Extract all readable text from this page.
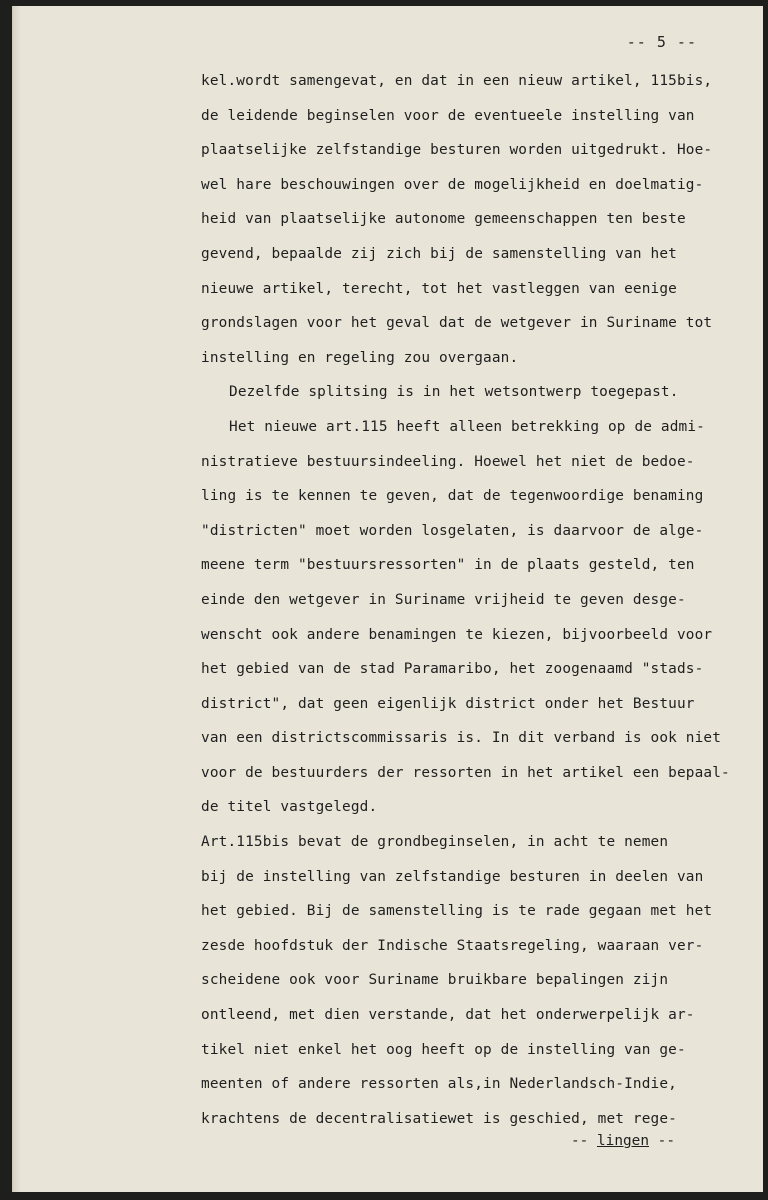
-- 5 --
kel.wordt samengevat, en dat in een nieuw artikel, 115bis,
de leidende beginselen voor de eventueele instelling van
plaatselijke zelfstandige besturen worden uitgedrukt. Hoe-
wel hare beschouwingen over de mogelijkheid en doelmatig-
heid van plaatselijke autonome gemeenschappen ten beste
gevend, bepaalde zij zich bij de samenstelling van het
nieuwe artikel, terecht, tot het vastleggen van eenige
grondslagen voor het geval dat de wetgever in Suriname tot
instelling en regeling zou overgaan.
Dezelfde splitsing is in het wetsontwerp toegepast.
Het nieuwe art.115 heeft alleen betrekking op de admi-
nistratieve bestuursindeeling. Hoewel het niet de bedoe-
ling is te kennen te geven, dat de tegenwoordige benaming
"districten" moet worden losgelaten, is daarvoor de alge-
meene term "bestuursressorten" in de plaats gesteld, ten
einde den wetgever in Suriname vrijheid te geven desge-
wenscht ook andere benamingen te kiezen, bijvoorbeeld voor
het gebied van de stad Paramaribo, het zoogenaamd "stads-
district", dat geen eigenlijk district onder het Bestuur
van een districtscommissaris is. In dit verband is ook niet
voor de bestuurders der ressorten in het artikel een bepaal-
de titel vastgelegd.
Art.115bis bevat de grondbeginselen, in acht te nemen
bij de instelling van zelfstandige besturen in deelen van
het gebied. Bij de samenstelling is te rade gegaan met het
zesde hoofdstuk der Indische Staatsregeling, waaraan ver-
scheidene ook voor Suriname bruikbare bepalingen zijn
ontleend, met dien verstande, dat het onderwerpelijk ar-
tikel niet enkel het oog heeft op de instelling van ge-
meenten of andere ressorten als,in Nederlandsch-Indie,
krachtens de decentralisatiewet is geschied, met rege-
-- lingen --
